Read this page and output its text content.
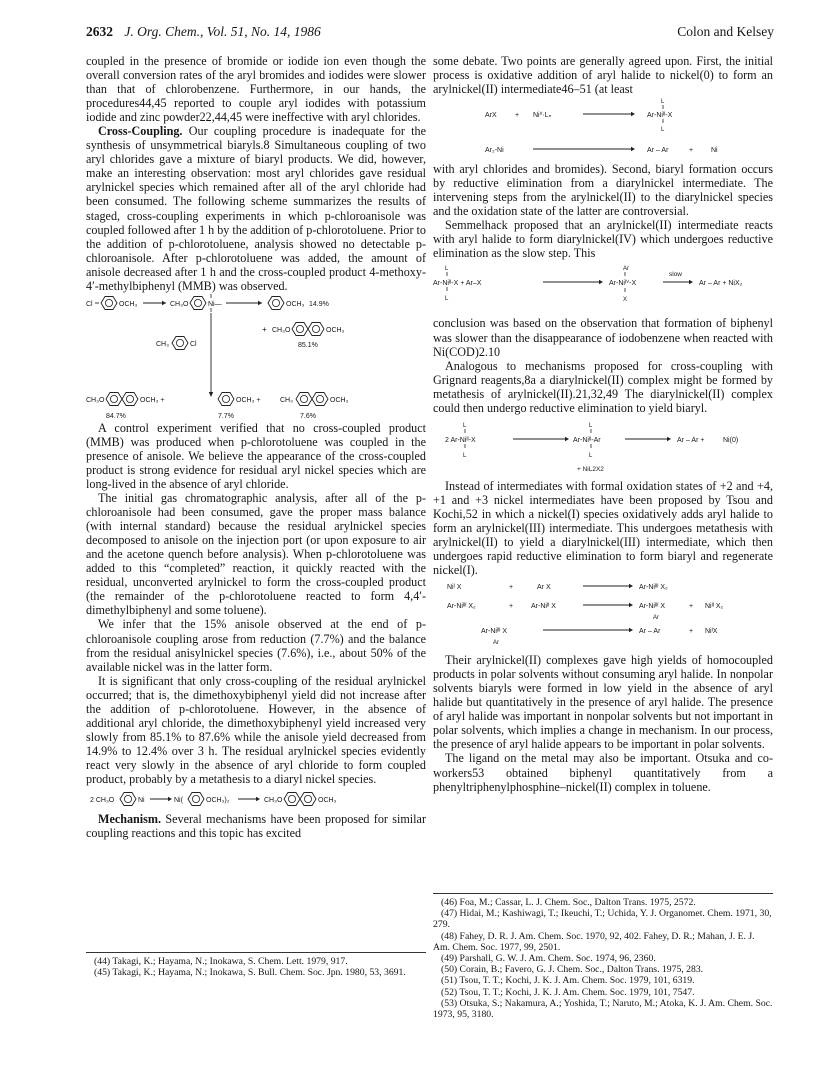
2632 J. Org. Chem., Vol. 51, No. 14, 1986	Colon and Kelsey

coupled in the presence of bromide or iodide ion even though the overall conversion rates of the aryl bromides and iodides were slower than that of chlorobenzene. Furthermore, in our hands, the procedures44,45 reported to couple aryl iodides with potassium iodide and zinc powder22,44,45 were ineffective with aryl chlorides.

Cross-Coupling. Our coupling procedure is inadequate for the synthesis of unsymmetrical biaryls.8 Simultaneous coupling of two aryl chlorides gave a mixture of biaryl products. We did, however, make an interesting observation: most aryl chlorides gave residual arylnickel species which remained after all of the aryl chloride had been consumed. The following scheme summarizes the results of staged, cross-coupling experiments in which p-chloroanisole was coupled followed after 1 h by the addition of p-chlorotoluene. Prior to the addition of p-chlorotoluene, analysis showed no detectable p-chloroanisole. After p-chlorotoluene was added, the amount of anisole decreased after 1 h and the cross-coupled product 4-methoxy-4′-methylbiphenyl (MMB) was observed.

Cl	OCH₃	CH₃O	Ni—	OCH₃ 14.9%
CH₃	Cl
+ CH₃O	OCH₃
85.1%
CH₃O	OCH₃ +
84.7%
OCH₃ +
7.7%
CH₃	OCH₃
7.6%

A control experiment verified that no cross-coupled product (MMB) was produced when p-chlorotoluene was coupled in the presence of anisole. We believe the appearance of the cross-coupled product is strong evidence for residual aryl nickel species which are long-lived in the absence of aryl chloride.

The initial gas chromatographic analysis, after all of the p-chloroanisole had been consumed, gave the proper mass balance (with internal standard) because the residual arylnickel species decomposed to anisole on the injection port (or upon exposure to air and the acetone quench before analysis). When p-chlorotoluene was added to this “completed” reaction, it quickly reacted with the residual, unconverted arylnickel to form the cross-coupled product (the remainder of the p-chlorotoluene reacted to form 4,4′-dimethylbiphenyl and some toluene).

We infer that the 15% anisole observed at the end of p-chloroanisole coupling arose from reduction (7.7%) and the balance from the residual anisylnickel species (7.6%), i.e., about 50% of the available nickel was in the latter form.

It is significant that only cross-coupling of the residual arylnickel occurred; that is, the dimethoxybiphenyl yield did not increase after the addition of p-chlorotoluene. However, in the absence of additional aryl chloride, the dimethoxybiphenyl yield increased very slowly from 85.1% to 87.6% while the anisole yield decreased from 14.9% to 12.4% over 3 h. The residual arylnickel species evidently react very slowly in the absence of aryl chloride to form coupled product, probably by a metathesis to a diaryl nickel species.

2 CH₃O	Ni	Ni(	OCH₃)₂	CH₃O	OCH₃

Mechanism. Several mechanisms have been proposed for similar coupling reactions and this topic has excited

some debate. Two points are generally agreed upon. First, the initial process is oxidative addition of aryl halide to nickel(0) to form an arylnickel(II) intermediate46–51 (at least

ArX	+ Ni⁰·Lₙ	Ar-Niᴵᴵ-X
L
L
Ar₂-Ni	Ar – Ar	+	Ni

with aryl chlorides and bromides). Second, biaryl formation occurs by reductive elimination from a diarylnickel intermediate. The intervening steps from the arylnickel(II) to the diarylnickel species and the oxidation state of the latter are controversial.

Semmelhack proposed that an arylnickel(II) intermediate reacts with aryl halide to form diarylnickel(IV) which undergoes reductive elimination as the slow step. This

L
Ar-Niᴵᴵ-X + Ar–X
L
Ar
Ar-Niᴵⱽ-X
X
slow
Ar – Ar + NiX₂

conclusion was based on the observation that formation of biphenyl was slower than the disappearance of iodobenzene when reacted with Ni(COD)2.10

Analogous to mechanisms proposed for cross-coupling with Grignard reagents,8a a diarylnickel(II) complex might be formed by metathesis of arylnickel(II).21,32,49 The diarylnickel(II) complex could then undergo reductive elimination to yield biaryl.

L
2 Ar-Niᴵᴵ-X
L
L
Ar-Niᴵᴵ-Ar
L
+ NiL2X2
Ar – Ar +	Ni(0)

Instead of intermediates with formal oxidation states of +2 and +4, +1 and +3 nickel intermediates have been proposed by Tsou and Kochi,52 in which a nickel(I) species oxidatively adds aryl halide to form an arylnickel(III) intermediate. This undergoes metathesis with arylnickel(II) to yield a diarylnickel(III) intermediate, which then undergoes rapid reductive elimination to form biaryl and regenerate nickel(I).

Niᴵ X	+	Ar X	Ar-Niᴵᴵᴵ X₂
Ar-Niᴵᴵᴵ X₂	+	Ar-Niᴵᴵ X	Ar-Niᴵᴵᴵ X
Ar
+ Niᴵᴵ X₂
Ar-Niᴵᴵᴵ X
Ar
Ar – Ar	+ NiᴵX

Their arylnickel(II) complexes gave high yields of homocoupled products in polar solvents without consuming aryl halide. In nonpolar solvents biaryls were formed in low yield in the absence of aryl halide but quantitatively in the presence of aryl halide. The presence of aryl halide was important in nonpolar solvents but not important in polar solvents, which implies a change in mechanism. In our process, the presence of aryl halide appears to be important in polar solvents.

The ligand on the metal may also be important. Otsuka and co-workers53 obtained biphenyl quantitatively from a phenyltriphenylphosphine–nickel(II) complex in toluene.

(44) Takagi, K.; Hayama, N.; Inokawa, S. Chem. Lett. 1979, 917.
(45) Takagi, K.; Hayama, N.; Inokawa, S. Bull. Chem. Soc. Jpn. 1980, 53, 3691.
(46) Foa, M.; Cassar, L. J. Chem. Soc., Dalton Trans. 1975, 2572.
(47) Hidai, M.; Kashiwagi, T.; Ikeuchi, T.; Uchida, Y. J. Organomet. Chem. 1971, 30, 279.
(48) Fahey, D. R. J. Am. Chem. Soc. 1970, 92, 402. Fahey, D. R.; Mahan, J. E. J. Am. Chem. Soc. 1977, 99, 2501.
(49) Parshall, G. W. J. Am. Chem. Soc. 1974, 96, 2360.
(50) Corain, B.; Favero, G. J. Chem. Soc., Dalton Trans. 1975, 283.
(51) Tsou, T. T.; Kochi, J. K. J. Am. Chem. Soc. 1979, 101, 6319.
(52) Tsou, T. T.; Kochi, J. K. J. Am. Chem. Soc. 1979, 101, 7547.
(53) Otsuka, S.; Nakamura, A.; Yoshida, T.; Naruto, M.; Atoka, K. J. Am. Chem. Soc. 1973, 95, 3180.
